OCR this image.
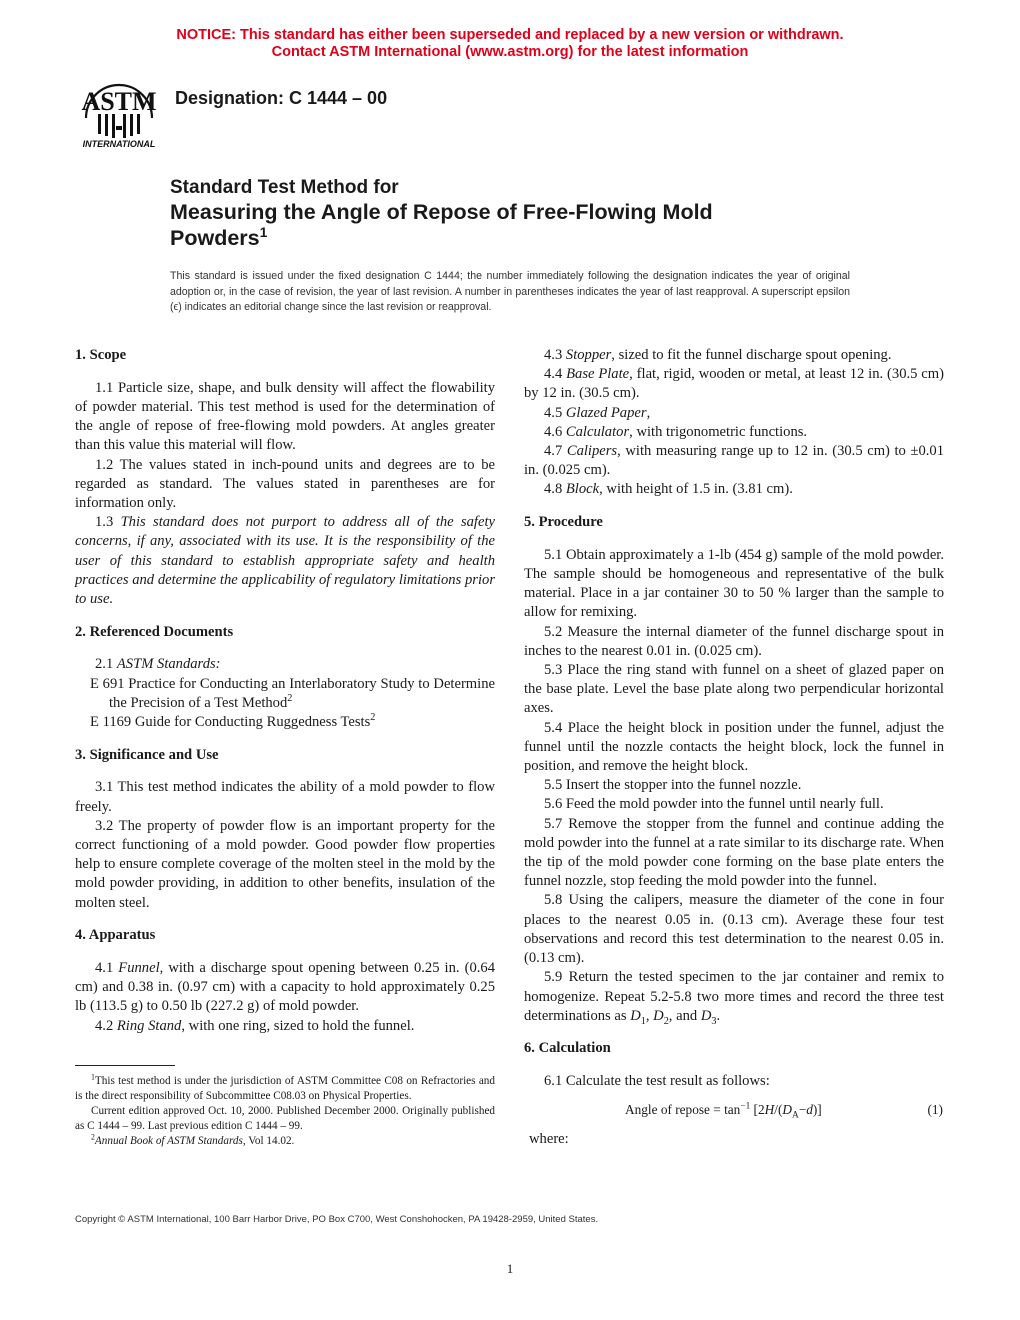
NOTICE: This standard has either been superseded and replaced by a new version or withdrawn.
Contact ASTM International (www.astm.org) for the latest information
ASTM
INTERNATIONAL
Designation: C 1444 – 00
Standard Test Method for
Measuring the Angle of Repose of Free-Flowing Mold
Powders$^1$
This standard is issued under the fixed designation C 1444; the number immediately following the designation indicates the year of original adoption or, in the case of revision, the year of last revision. A number in parentheses indicates the year of last reapproval. A superscript epsilon (ϵ) indicates an editorial change since the last revision or reapproval.
1. Scope

1.1 Particle size, shape, and bulk density will affect the flowability of powder material. This test method is used for the determination of the angle of repose of free-flowing mold powders. At angles greater than this value this material will flow.

1.2 The values stated in inch-pound units and degrees are to be regarded as standard. The values stated in parentheses are for information only.

1.3 This standard does not purport to address all of the safety concerns, if any, associated with its use. It is the responsibility of the user of this standard to establish appropriate safety and health practices and determine the applicability of regulatory limitations prior to use.

2. Referenced Documents

2.1 ASTM Standards:

E 691 Practice for Conducting an Interlaboratory Study to Determine the Precision of a Test Method$^2$

E 1169 Guide for Conducting Ruggedness Tests$^2$

3. Significance and Use

3.1 This test method indicates the ability of a mold powder to flow freely.

3.2 The property of powder flow is an important property for the correct functioning of a mold powder. Good powder flow properties help to ensure complete coverage of the molten steel in the mold by the mold powder providing, in addition to other benefits, insulation of the molten steel.

4. Apparatus

4.1 Funnel, with a discharge spout opening between 0.25 in. (0.64 cm) and 0.38 in. (0.97 cm) with a capacity to hold approximately 0.25 lb (113.5 g) to 0.50 lb (227.2 g) of mold powder.

4.2 Ring Stand, with one ring, sized to hold the funnel.

$^1$This test method is under the jurisdiction of ASTM Committee C08 on Refractories and is the direct responsibility of Subcommittee C08.03 on Physical Properties.

Current edition approved Oct. 10, 2000. Published December 2000. Originally published as C 1444 – 99. Last previous edition C 1444 – 99.

$^2$Annual Book of ASTM Standards, Vol 14.02.

4.3 Stopper, sized to fit the funnel discharge spout opening.

4.4 Base Plate, flat, rigid, wooden or metal, at least 12 in. (30.5 cm) by 12 in. (30.5 cm).

4.5 Glazed Paper,

4.6 Calculator, with trigonometric functions.

4.7 Calipers, with measuring range up to 12 in. (30.5 cm) to ±0.01 in. (0.025 cm).

4.8 Block, with height of 1.5 in. (3.81 cm).

5. Procedure

5.1 Obtain approximately a 1-lb (454 g) sample of the mold powder. The sample should be homogeneous and representative of the bulk material. Place in a jar container 30 to 50 % larger than the sample to allow for remixing.

5.2 Measure the internal diameter of the funnel discharge spout in inches to the nearest 0.01 in. (0.025 cm).

5.3 Place the ring stand with funnel on a sheet of glazed paper on the base plate. Level the base plate along two perpendicular horizontal axes.

5.4 Place the height block in position under the funnel, adjust the funnel until the nozzle contacts the height block, lock the funnel in position, and remove the height block.

5.5 Insert the stopper into the funnel nozzle.

5.6 Feed the mold powder into the funnel until nearly full.

5.7 Remove the stopper from the funnel and continue adding the mold powder into the funnel at a rate similar to its discharge rate. When the tip of the mold powder cone forming on the base plate enters the funnel nozzle, stop feeding the mold powder into the funnel.

5.8 Using the calipers, measure the diameter of the cone in four places to the nearest 0.05 in. (0.13 cm). Average these four test observations and record this test determination to the nearest 0.05 in. (0.13 cm).

5.9 Return the tested specimen to the jar container and remix to homogenize. Repeat 5.2-5.8 two more times and record the three test determinations as $D_1$, $D_2$, and $D_3$.

6. Calculation

6.1 Calculate the test result as follows:

Angle of repose = $\tan^{-1} [2H/(D_A-d)]$	(1)
where:
Copyright © ASTM International, 100 Barr Harbor Drive, PO Box C700, West Conshohocken, PA 19428-2959, United States.
1
